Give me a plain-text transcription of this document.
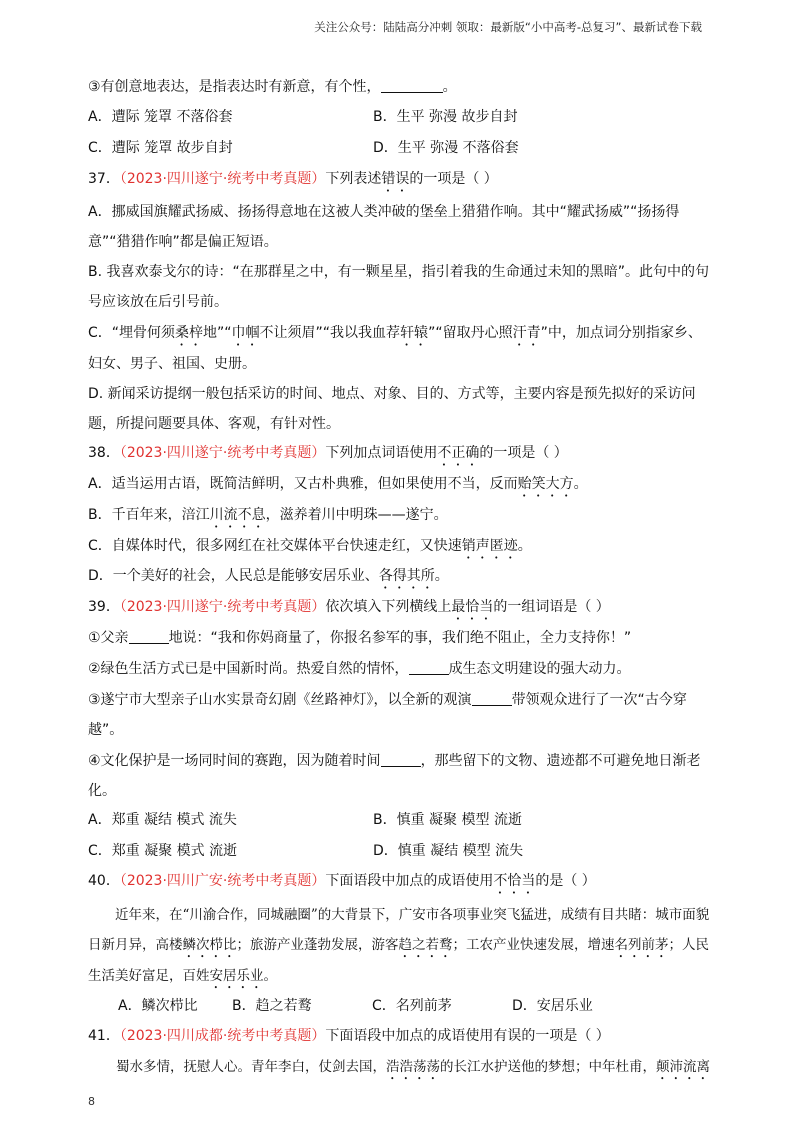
关注公众号：陆陆高分冲刺 领取：最新版“小中高考-总复习”、最新试卷下载
③有创意地表达，是指表达时有新意，有个性，	。
A．遭际 笼罩 不落俗套	B．生平 弥漫 故步自封
C．遭际 笼罩 故步自封	D．生平 弥漫 不落俗套
37．（2023·四川遂宁·统考中考真题）下列表述错误的一项是（ ）
A．挪威国旗耀武扬威、扬扬得意地在这被人类冲破的堡垒上猎猎作响。其中“耀武扬威”“扬扬得意”“猎猎作响”都是偏正短语。
B. 我喜欢泰戈尔的诗：“在那群星之中，有一颗星星，指引着我的生命通过未知的黑暗”。此句中的句号应该放在后引号前。
C．“埋骨何须桑梓地”“巾帼不让须眉”“我以我血荐轩辕”“留取丹心照汗青”中，加点词分别指家乡、妇女、男子、祖国、史册。
D. 新闻采访提纲一般包括采访的时间、地点、对象、目的、方式等，主要内容是预先拟好的采访问题，所提问题要具体、客观，有针对性。
38．（2023·四川遂宁·统考中考真题）下列加点词语使用不正确的一项是（ ）
A．适当运用古语，既简洁鲜明，又古朴典雅，但如果使用不当，反而贻笑大方。
B．千百年来，涪江川流不息，滋养着川中明珠——遂宁。
C．自媒体时代，很多网红在社交媒体平台快速走红，又快速销声匿迹。
D．一个美好的社会，人民总是能够安居乐业、各得其所。
39．（2023·四川遂宁·统考中考真题）依次填入下列横线上最恰当的一组词语是（ ）
①父亲	地说：“我和你妈商量了，你报名参军的事，我们绝不阻止，全力支持你！”
②绿色生活方式已是中国新时尚。热爱自然的情怀，	成生态文明建设的强大动力。
③遂宁市大型亲子山水实景奇幻剧《丝路神灯》，以全新的观演	带领观众进行了一次“古今穿越”。
④文化保护是一场同时间的赛跑，因为随着时间	，那些留下的文物、遗迹都不可避免地日渐老化。
A．郑重 凝结 模式 流失	B．慎重 凝聚 模型 流逝
C．郑重 凝聚 模式 流逝	D．慎重 凝结 模型 流失
40．（2023·四川广安·统考中考真题）下面语段中加点的成语使用不恰当的是（ ）
近年来，在“川渝合作，同城融圈”的大背景下，广安市各项事业突飞猛进，成绩有目共睹：城市面貌日新月异，高楼鳞次栉比；旅游产业蓬勃发展，游客趋之若鹜；工农产业快速发展，增速名列前茅；人民生活美好富足，百姓安居乐业。
A．鳞次栉比 B．趋之若鹜	C．名列前茅	D．安居乐业
41．（2023·四川成都·统考中考真题）下面语段中加点的成语使用有误的一项是（ ）
蜀水多情，抚慰人心。青年李白，仗剑去国，浩浩荡荡的长江水护送他的梦想；中年杜甫，颠沛流离
8
